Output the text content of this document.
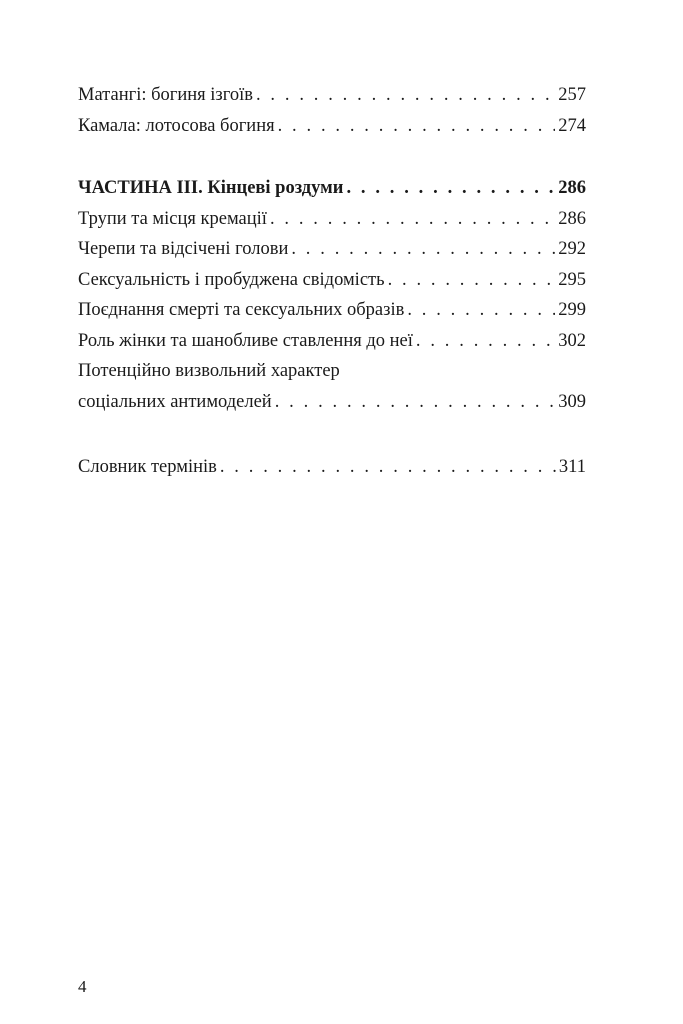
Матангі: богиня ізгоїв . . .	257
Камала: лотосова богиня . . .	274
ЧАСТИНА ІІІ. Кінцеві роздуми . . .	286
Трупи та місця кремації . . .	286
Черепи та відсічені голови . . .	292
Сексуальність і пробуджена свідомість . . .	295
Поєднання смерті та сексуальних образів . . .	299
Роль жінки та шанобливе ставлення до неї . . .	302
Потенційно визвольний характер
соціальних антимоделей . . .	309
Словник термінів . . .	311
4
